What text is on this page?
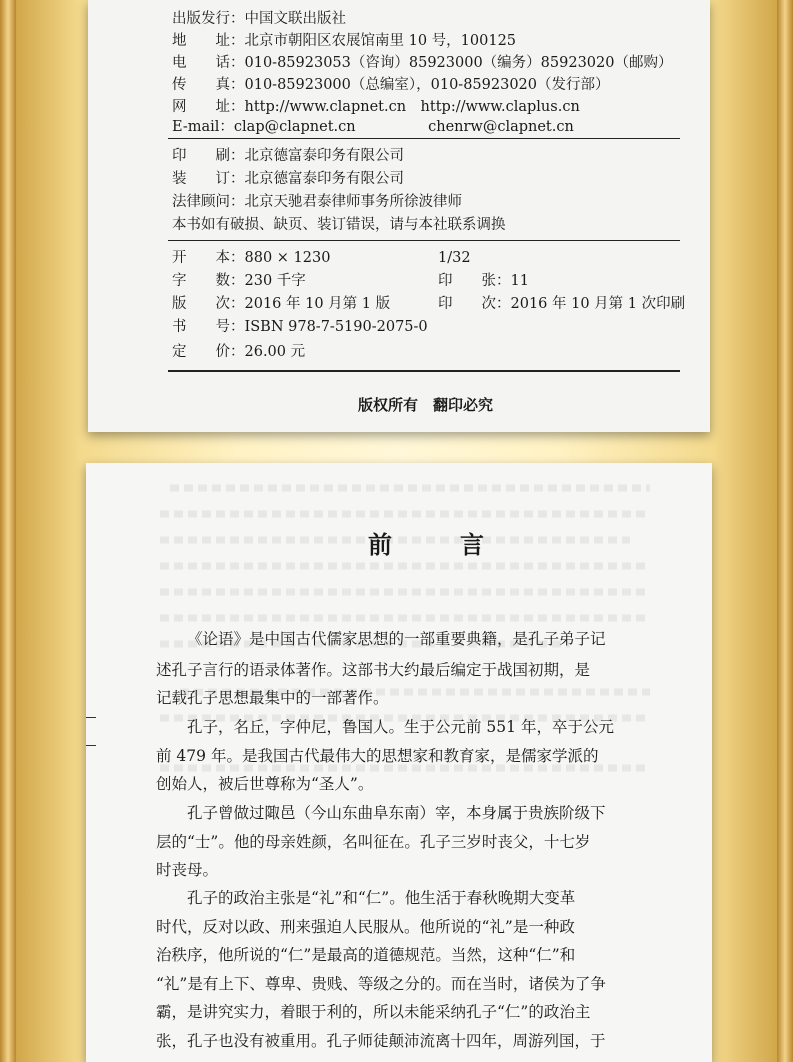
出版发行：中国文联出版社
地　　址：北京市朝阳区农展馆南里 10 号，100125
电　　话：010-85923053（咨询）85923000（编务）85923020（邮购）
传　　真：010-85923000（总编室），010-85923020（发行部）
网　　址：http://www.clapnet.cn　http://www.claplus.cn
E-mail：clap@clapnet.cn　　　　　chenrw@clapnet.cn
印　　刷：北京德富泰印务有限公司
装　　订：北京德富泰印务有限公司
法律顾问：北京天驰君泰律师事务所徐波律师
本书如有破损、缺页、装订错误，请与本社联系调换
开　　本：880 × 1230	1/32
字　　数：230 千字	印　　张：11
版　　次：2016 年 10 月第 1 版	印　　次：2016 年 10 月第 1 次印刷
书　　号：ISBN 978-7-5190-2075-0
定　　价：26.00 元
版权所有　翻印必究
前　言
《论语》是中国古代儒家思想的一部重要典籍，是孔子弟子记
述孔子言行的语录体著作。这部书大约最后编定于战国初期，是
记载孔子思想最集中的一部著作。
孔子，名丘，字仲尼，鲁国人。生于公元前 551 年，卒于公元
前 479 年。是我国古代最伟大的思想家和教育家，是儒家学派的
创始人，被后世尊称为“圣人”。
孔子曾做过陬邑（今山东曲阜东南）宰，本身属于贵族阶级下
层的“士”。他的母亲姓颜，名叫征在。孔子三岁时丧父，十七岁
时丧母。
孔子的政治主张是“礼”和“仁”。他生活于春秋晚期大变革
时代，反对以政、刑来强迫人民服从。他所说的“礼”是一种政
治秩序，他所说的“仁”是最高的道德规范。当然，这种“仁”和
“礼”是有上下、尊卑、贵贱、等级之分的。而在当时，诸侯为了争
霸，是讲究实力，着眼于利的，所以未能采纳孔子“仁”的政治主
张，孔子也没有被重用。孔子师徒颠沛流离十四年，周游列国，于
